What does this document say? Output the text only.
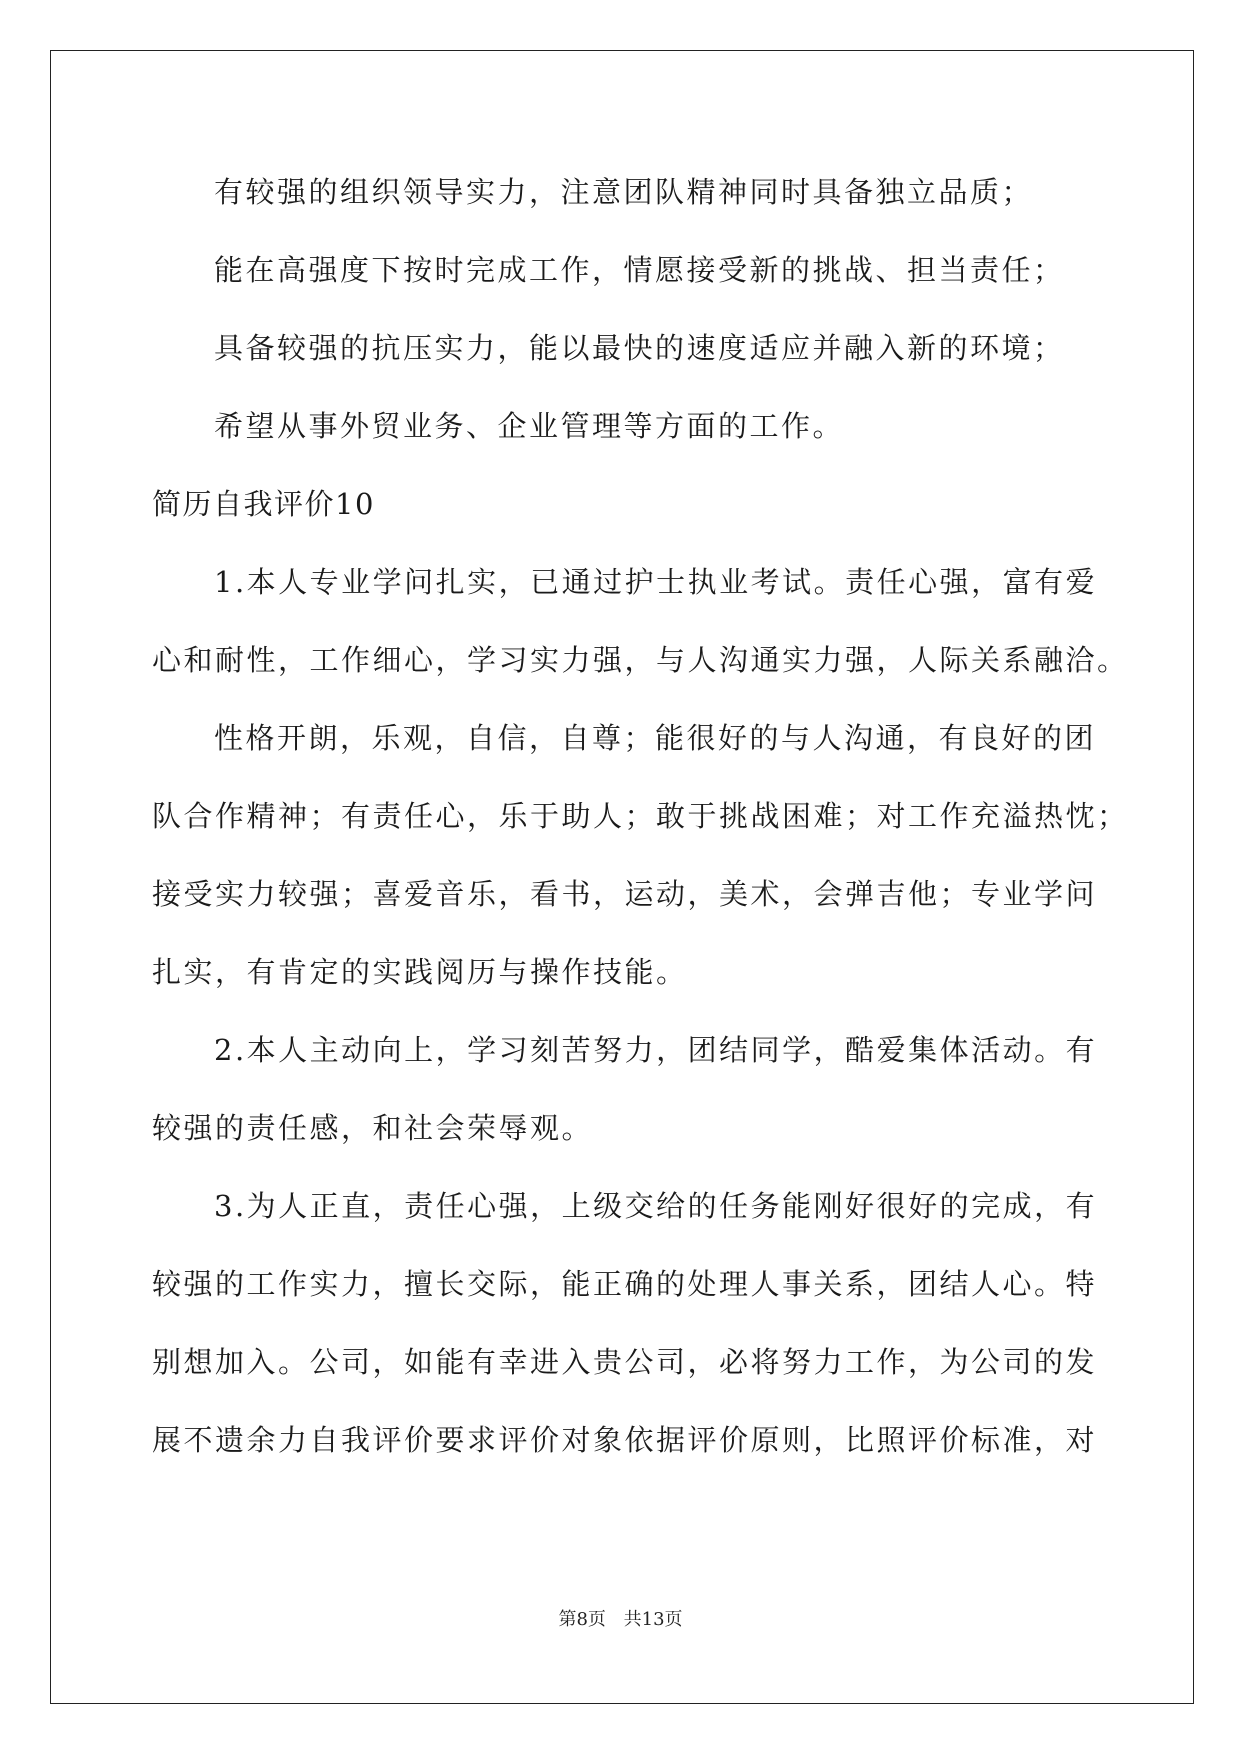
有较强的组织领导实力，注意团队精神同时具备独立品质；
能在高强度下按时完成工作，情愿接受新的挑战、担当责任；
具备较强的抗压实力，能以最快的速度适应并融入新的环境；
希望从事外贸业务、企业管理等方面的工作。
简历自我评价10
1.本人专业学问扎实，已通过护士执业考试。责任心强，富有爱
心和耐性，工作细心，学习实力强，与人沟通实力强，人际关系融洽。
性格开朗，乐观，自信，自尊；能很好的与人沟通，有良好的团
队合作精神；有责任心，乐于助人；敢于挑战困难；对工作充溢热忱；
接受实力较强；喜爱音乐，看书，运动，美术，会弹吉他；专业学问
扎实，有肯定的实践阅历与操作技能。
2.本人主动向上，学习刻苦努力，团结同学，酷爱集体活动。有
较强的责任感，和社会荣辱观。
3.为人正直，责任心强，上级交给的任务能刚好很好的完成，有
较强的工作实力，擅长交际，能正确的处理人事关系，团结人心。特
别想加入。公司，如能有幸进入贵公司，必将努力工作，为公司的发
展不遗余力自我评价要求评价对象依据评价原则，比照评价标准，对
第8页 共13页
